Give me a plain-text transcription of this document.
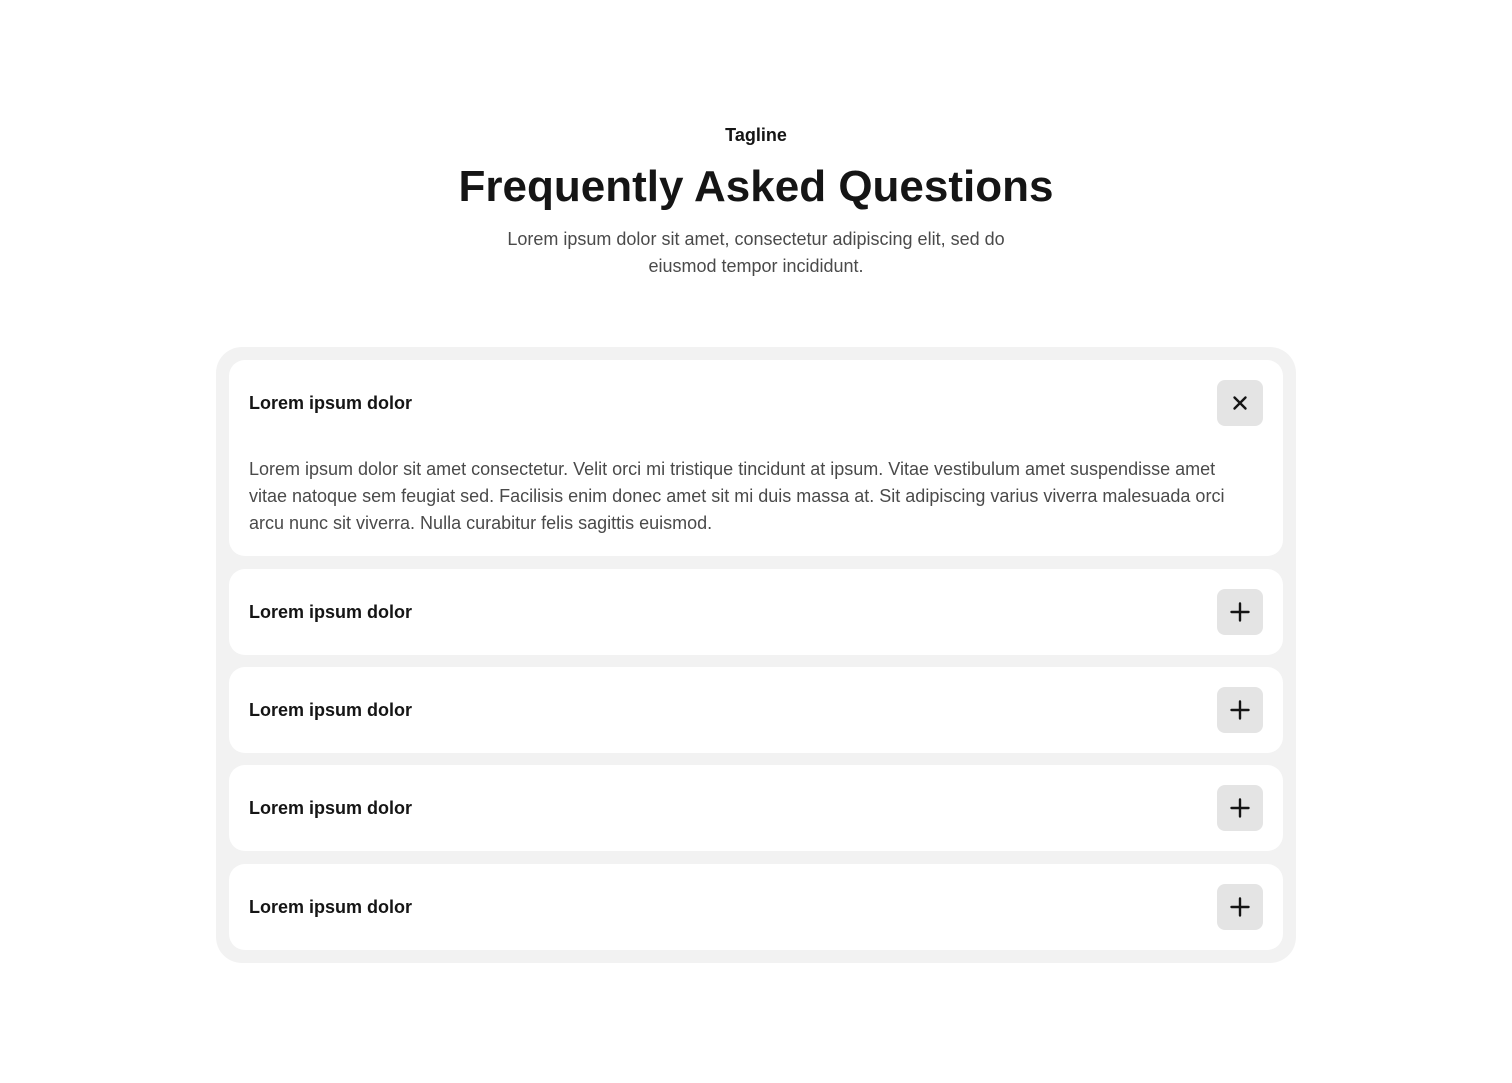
Tagline
Frequently Asked Questions

Lorem ipsum dolor sit amet, consectetur adipiscing elit, sed do eiusmod tempor incididunt.

Lorem ipsum dolor
Lorem ipsum dolor sit amet consectetur. Velit orci mi tristique tincidunt at ipsum. Vitae vestibulum amet suspendisse amet vitae natoque sem feugiat sed. Facilisis enim donec amet sit mi duis massa at. Sit adipiscing varius viverra malesuada orci arcu nunc sit viverra. Nulla curabitur felis sagittis euismod.
Lorem ipsum dolor
Lorem ipsum dolor
Lorem ipsum dolor
Lorem ipsum dolor
